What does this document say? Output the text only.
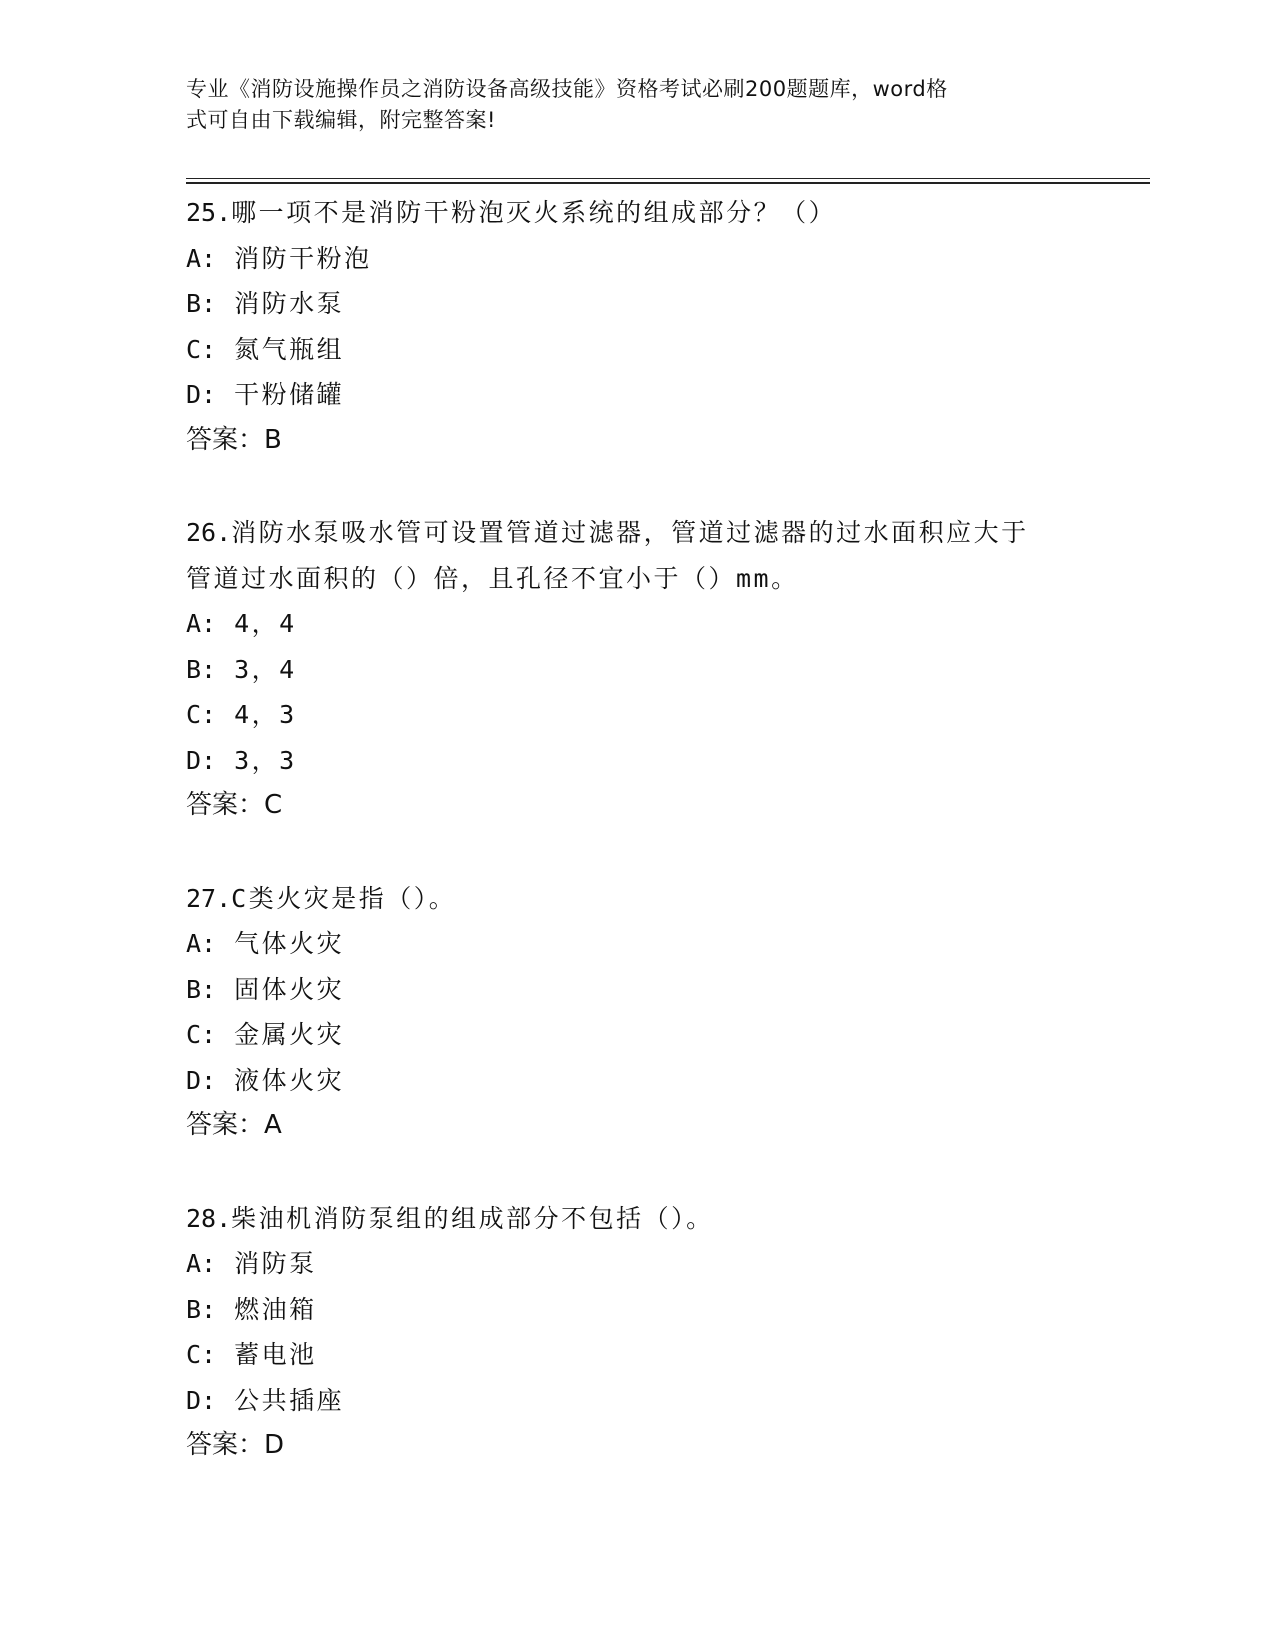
专业《消防设施操作员之消防设备高级技能》资格考试必刷200题题库，word格
式可自由下载编辑，附完整答案!
25.哪一项不是消防干粉泡灭火系统的组成部分？（）
A: 消防干粉泡
B: 消防水泵
C: 氮气瓶组
D: 干粉储罐
答案：B
26.消防水泵吸水管可设置管道过滤器，管道过滤器的过水面积应大于
管道过水面积的（）倍，且孔径不宜小于（）mm。
A: 4，4
B: 3，4
C: 4，3
D: 3，3
答案：C
27.C类火灾是指（）。
A: 气体火灾
B: 固体火灾
C: 金属火灾
D: 液体火灾
答案：A
28.柴油机消防泵组的组成部分不包括（）。
A: 消防泵
B: 燃油箱
C: 蓄电池
D: 公共插座
答案：D
